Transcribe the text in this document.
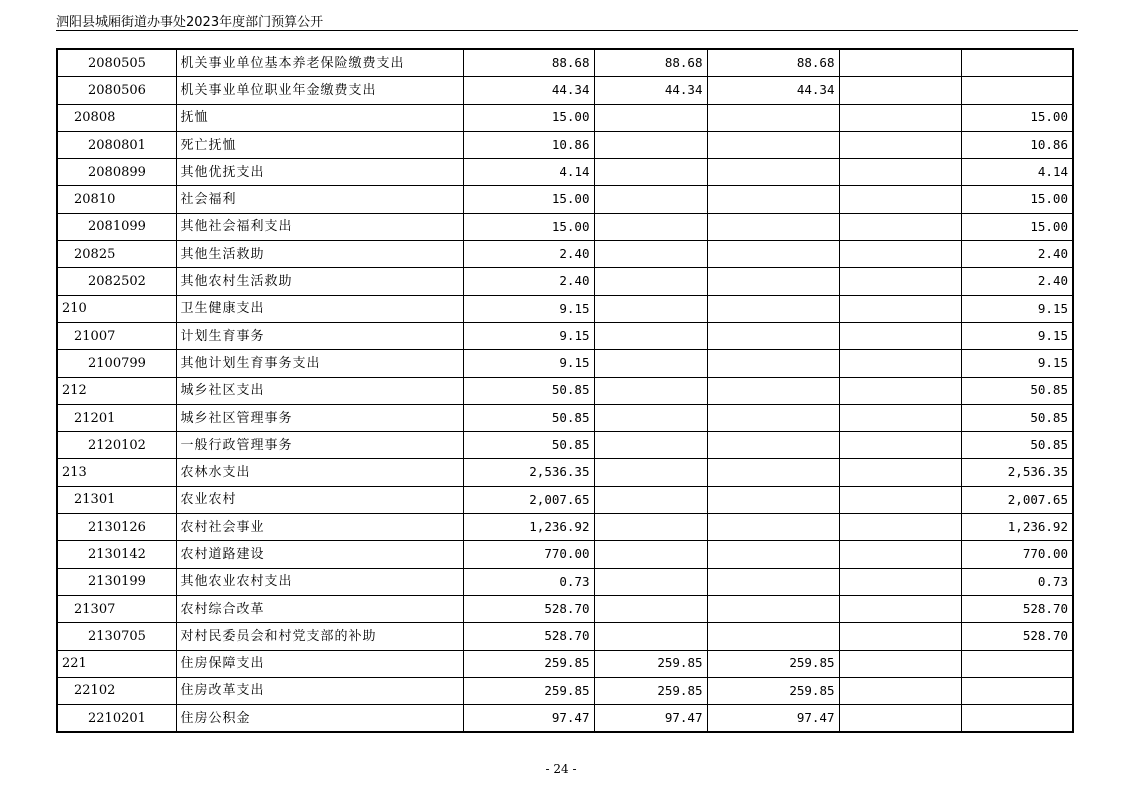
泗阳县城厢街道办事处2023年度部门预算公开
2080505	机关事业单位基本养老保险缴费支出	88.68	88.68	88.68		
2080506	机关事业单位职业年金缴费支出	44.34	44.34	44.34		
20808	抚恤	15.00				15.00
2080801	死亡抚恤	10.86				10.86
2080899	其他优抚支出	4.14				4.14
20810	社会福利	15.00				15.00
2081099	其他社会福利支出	15.00				15.00
20825	其他生活救助	2.40				2.40
2082502	其他农村生活救助	2.40				2.40
210	卫生健康支出	9.15				9.15
21007	计划生育事务	9.15				9.15
2100799	其他计划生育事务支出	9.15				9.15
212	城乡社区支出	50.85				50.85
21201	城乡社区管理事务	50.85				50.85
2120102	一般行政管理事务	50.85				50.85
213	农林水支出	2,536.35				2,536.35
21301	农业农村	2,007.65				2,007.65
2130126	农村社会事业	1,236.92				1,236.92
2130142	农村道路建设	770.00				770.00
2130199	其他农业农村支出	0.73				0.73
21307	农村综合改革	528.70				528.70
2130705	对村民委员会和村党支部的补助	528.70				528.70
221	住房保障支出	259.85	259.85	259.85		
22102	住房改革支出	259.85	259.85	259.85		
2210201	住房公积金	97.47	97.47	97.47		
- 24 -
